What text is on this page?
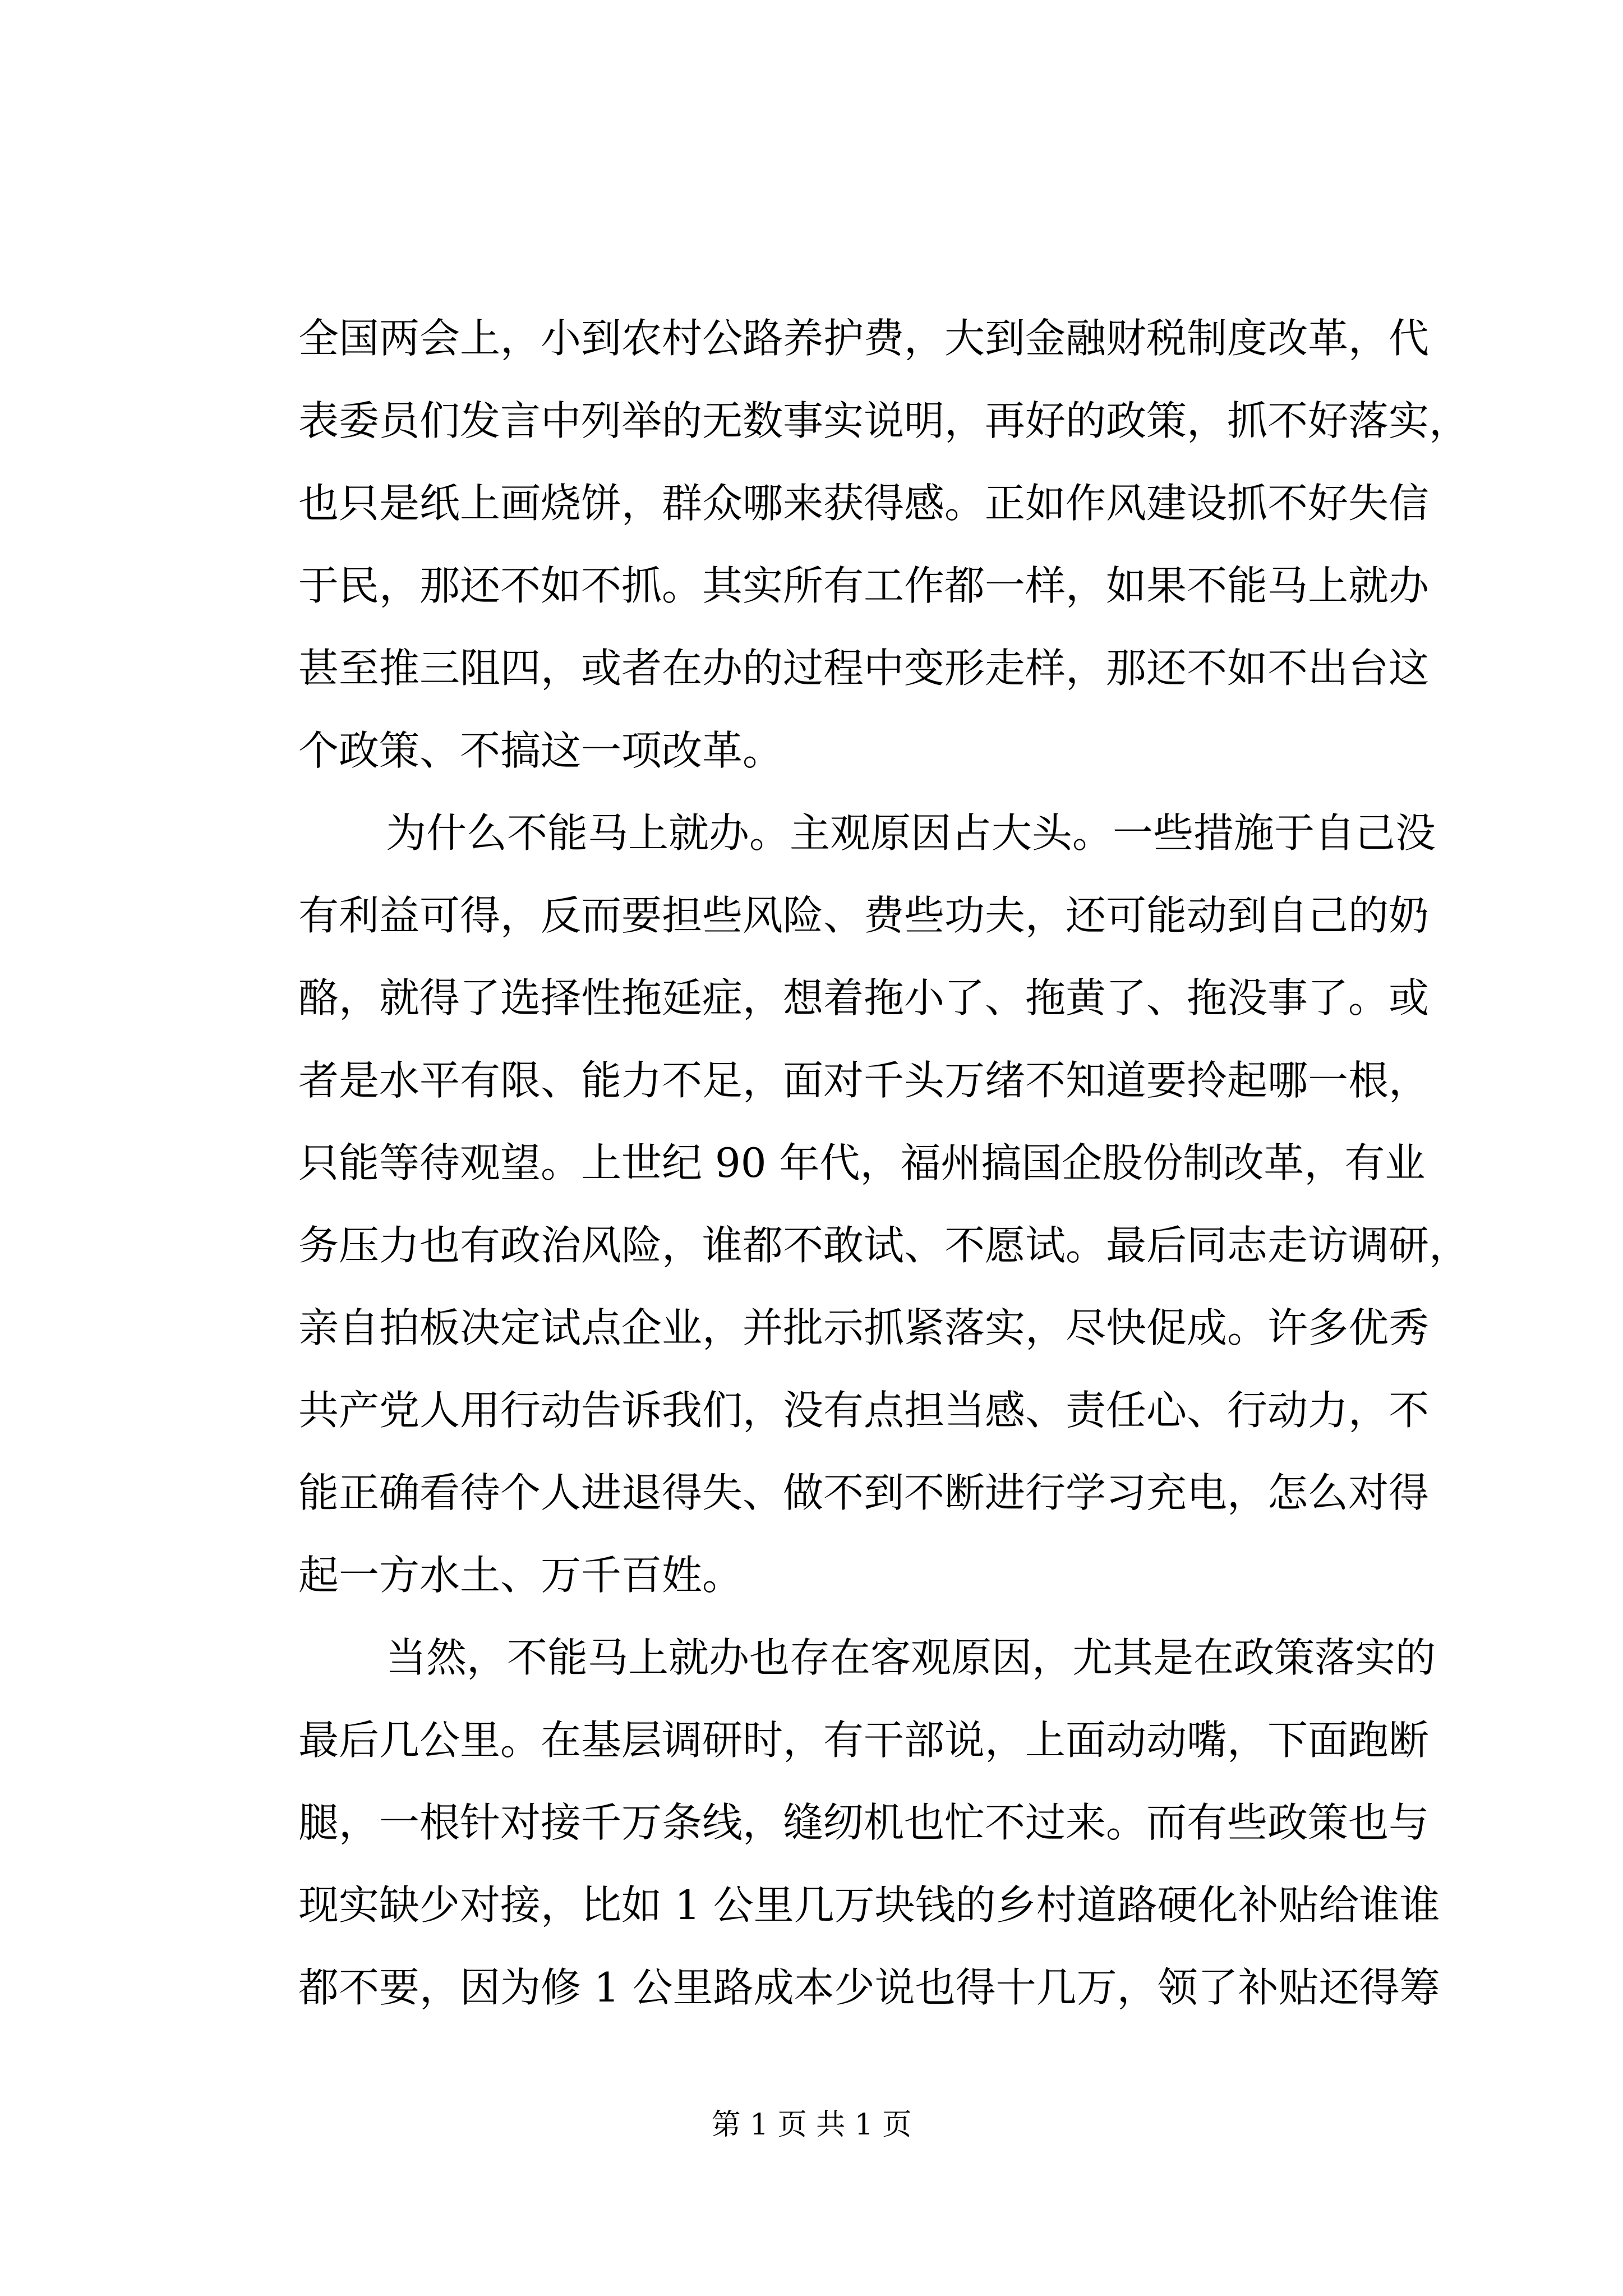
全国两会上，小到农村公路养护费，大到金融财税制度改革，代
表委员们发言中列举的无数事实说明，再好的政策，抓不好落实，
也只是纸上画烧饼，群众哪来获得感。正如作风建设抓不好失信
于民，那还不如不抓。其实所有工作都一样，如果不能马上就办
甚至推三阻四，或者在办的过程中变形走样，那还不如不出台这
个政策、不搞这一项改革。
为什么不能马上就办。主观原因占大头。一些措施于自己没
有利益可得，反而要担些风险、费些功夫，还可能动到自己的奶
酪，就得了选择性拖延症，想着拖小了、拖黄了、拖没事了。或
者是水平有限、能力不足，面对千头万绪不知道要拎起哪一根，
只能等待观望。上世纪 90 年代，福州搞国企股份制改革，有业
务压力也有政治风险，谁都不敢试、不愿试。最后同志走访调研，
亲自拍板决定试点企业，并批示抓紧落实，尽快促成。许多优秀
共产党人用行动告诉我们，没有点担当感、责任心、行动力，不
能正确看待个人进退得失、做不到不断进行学习充电，怎么对得
起一方水土、万千百姓。
当然，不能马上就办也存在客观原因，尤其是在政策落实的
最后几公里。在基层调研时，有干部说，上面动动嘴，下面跑断
腿，一根针对接千万条线，缝纫机也忙不过来。而有些政策也与
现实缺少对接，比如 1 公里几万块钱的乡村道路硬化补贴给谁谁
都不要，因为修 1 公里路成本少说也得十几万，领了补贴还得筹
第 1 页 共 1 页
